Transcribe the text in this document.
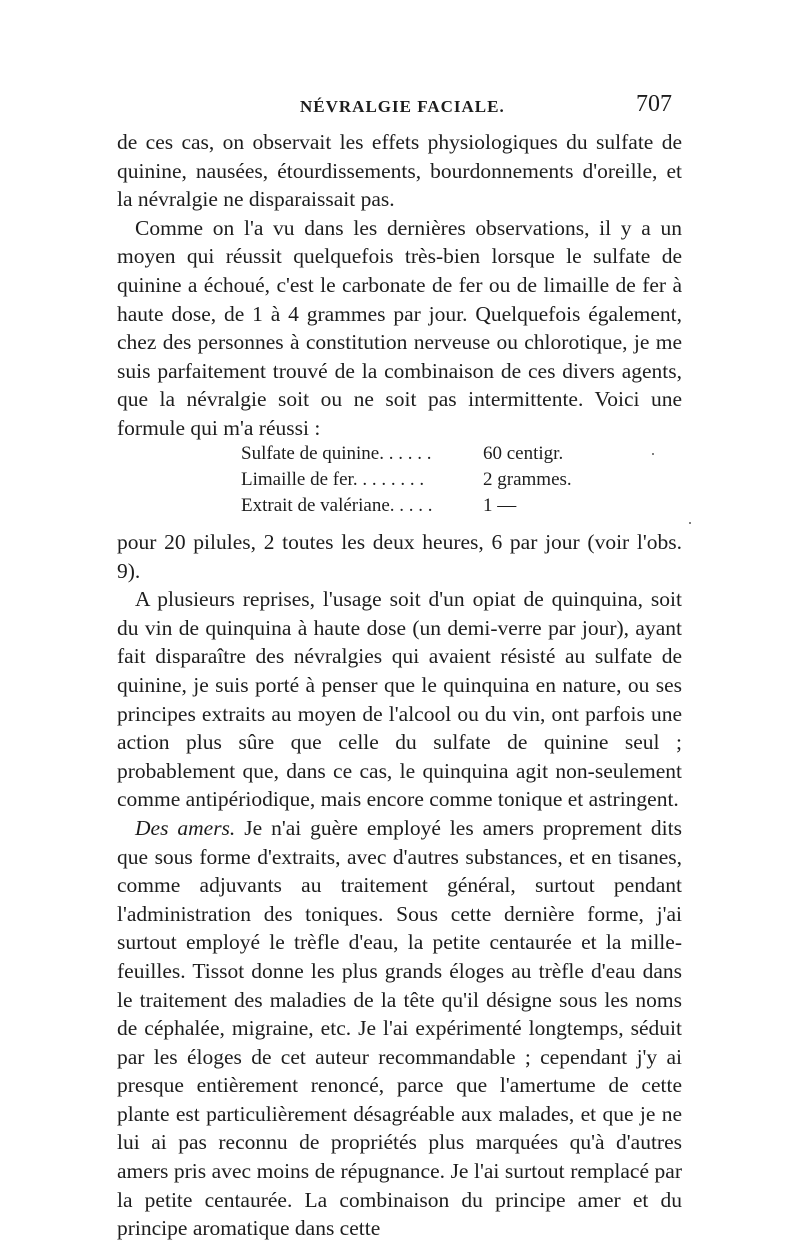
NÉVRALGIE FACIALE.	707

de ces cas, on observait les effets physiologiques du sulfate de quinine, nausées, étourdissements, bourdonnements d'oreille, et la névralgie ne disparaissait pas.

Comme on l'a vu dans les dernières observations, il y a un moyen qui réussit quelquefois très-bien lorsque le sulfate de quinine a échoué, c'est le carbonate de fer ou de limaille de fer à haute dose, de 1 à 4 grammes par jour. Quelquefois également, chez des personnes à constitution nerveuse ou chlorotique, je me suis parfaitement trouvé de la combinaison de ces divers agents, que la névralgie soit ou ne soit pas intermittente. Voici une formule qui m'a réussi :

Sulfate de quinine. . . . . .	60 centigr.
Limaille de fer. . . . . . . .	2 grammes.
Extrait de valériane. . . . .	1 —

pour 20 pilules, 2 toutes les deux heures, 6 par jour (voir l'obs. 9).

A plusieurs reprises, l'usage soit d'un opiat de quinquina, soit du vin de quinquina à haute dose (un demi-verre par jour), ayant fait disparaître des névralgies qui avaient résisté au sulfate de quinine, je suis porté à penser que le quinquina en nature, ou ses principes extraits au moyen de l'alcool ou du vin, ont parfois une action plus sûre que celle du sulfate de quinine seul ; probablement que, dans ce cas, le quinquina agit non-seulement comme antipériodique, mais encore comme tonique et astringent.

Des amers. Je n'ai guère employé les amers proprement dits que sous forme d'extraits, avec d'autres substances, et en tisanes, comme adjuvants au traitement général, surtout pendant l'administration des toniques. Sous cette dernière forme, j'ai surtout employé le trèfle d'eau, la petite centaurée et la mille-feuilles. Tissot donne les plus grands éloges au trèfle d'eau dans le traitement des maladies de la tête qu'il désigne sous les noms de céphalée, migraine, etc. Je l'ai expérimenté longtemps, séduit par les éloges de cet auteur recommandable ; cependant j'y ai presque entièrement renoncé, parce que l'amertume de cette plante est particulièrement désagréable aux malades, et que je ne lui ai pas reconnu de propriétés plus marquées qu'à d'autres amers pris avec moins de répugnance. Je l'ai surtout remplacé par la petite centaurée. La combinaison du principe amer et du principe aromatique dans cette
